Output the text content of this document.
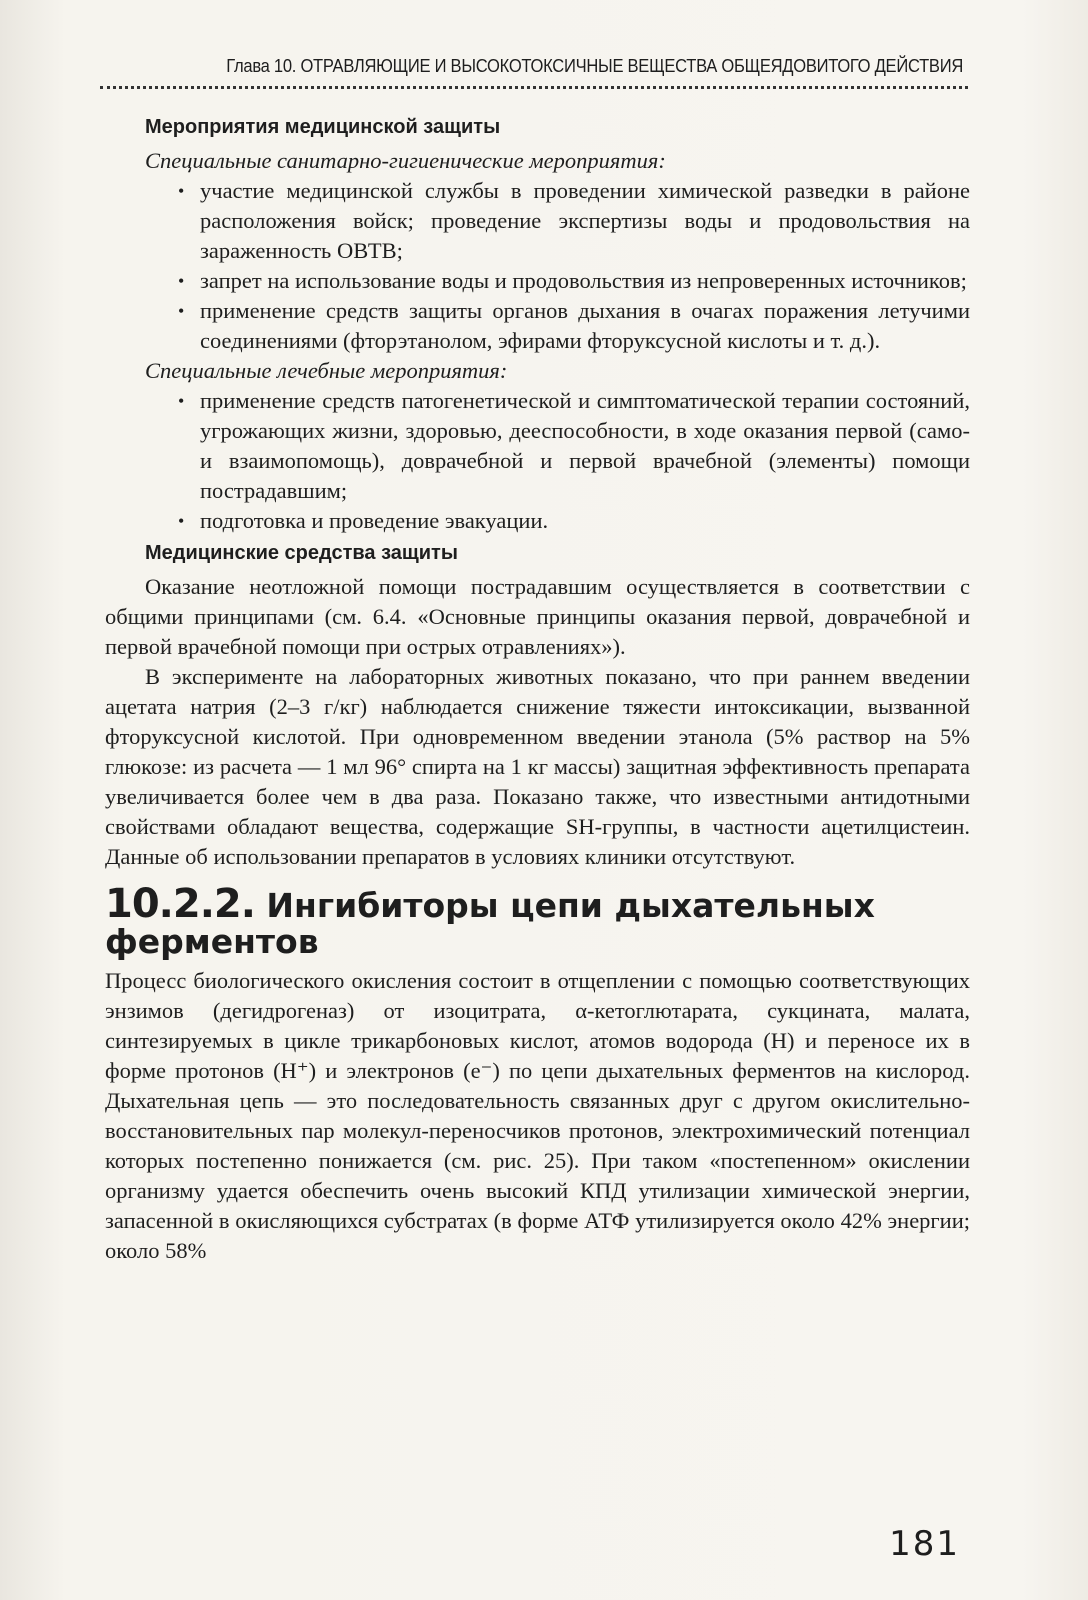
Глава 10. ОТРАВЛЯЮЩИЕ И ВЫСОКОТОКСИЧНЫЕ ВЕЩЕСТВА ОБЩЕЯДОВИТОГО ДЕЙСТВИЯ
Мероприятия медицинской защиты
Специальные санитарно-гигиенические мероприятия:
• участие медицинской службы в проведении химической разведки в районе расположения войск; проведение экспертизы воды и продовольствия на зараженность ОВТВ;
• запрет на использование воды и продовольствия из непроверенных источников;
• применение средств защиты органов дыхания в очагах поражения летучими соединениями (фторэтанолом, эфирами фторуксусной кислоты и т. д.).
Специальные лечебные мероприятия:
• применение средств патогенетической и симптоматической терапии состояний, угрожающих жизни, здоровью, дееспособности, в ходе оказания первой (само- и взаимопомощь), доврачебной и первой врачебной (элементы) помощи пострадавшим;
• подготовка и проведение эвакуации.
Медицинские средства защиты

Оказание неотложной помощи пострадавшим осуществляется в соответствии с общими принципами (см. 6.4. «Основные принципы оказания первой, доврачебной и первой врачебной помощи при острых отравлениях»).

В эксперименте на лабораторных животных показано, что при раннем введении ацетата натрия (2–3 г/кг) наблюдается снижение тяжести интоксикации, вызванной фторуксусной кислотой. При одновременном введении этанола (5% раствор на 5% глюкозе: из расчета — 1 мл 96° спирта на 1 кг массы) защитная эффективность препарата увеличивается более чем в два раза. Показано также, что известными антидотными свойствами обладают вещества, содержащие SH-группы, в частности ацетилцистеин. Данные об использовании препаратов в условиях клиники отсутствуют.

10.2.2. Ингибиторы цепи дыхательных ферментов

Процесс биологического окисления состоит в отщеплении с помощью соответствующих энзимов (дегидрогеназ) от изоцитрата, α-кетоглютарата, сукцината, малата, синтезируемых в цикле трикарбоновых кислот, атомов водорода (Н) и переносе их в форме протонов (Н⁺) и электронов (е⁻) по цепи дыхательных ферментов на кислород. Дыхательная цепь — это последовательность связанных друг с другом окислительно-восстановительных пар молекул-переносчиков протонов, электрохимический потенциал которых постепенно понижается (см. рис. 25). При таком «постепенном» окислении организму удается обеспечить очень высокий КПД утилизации химической энергии, запасенной в окисляющихся субстратах (в форме АТФ утилизируется около 42% энергии; около 58%

181
